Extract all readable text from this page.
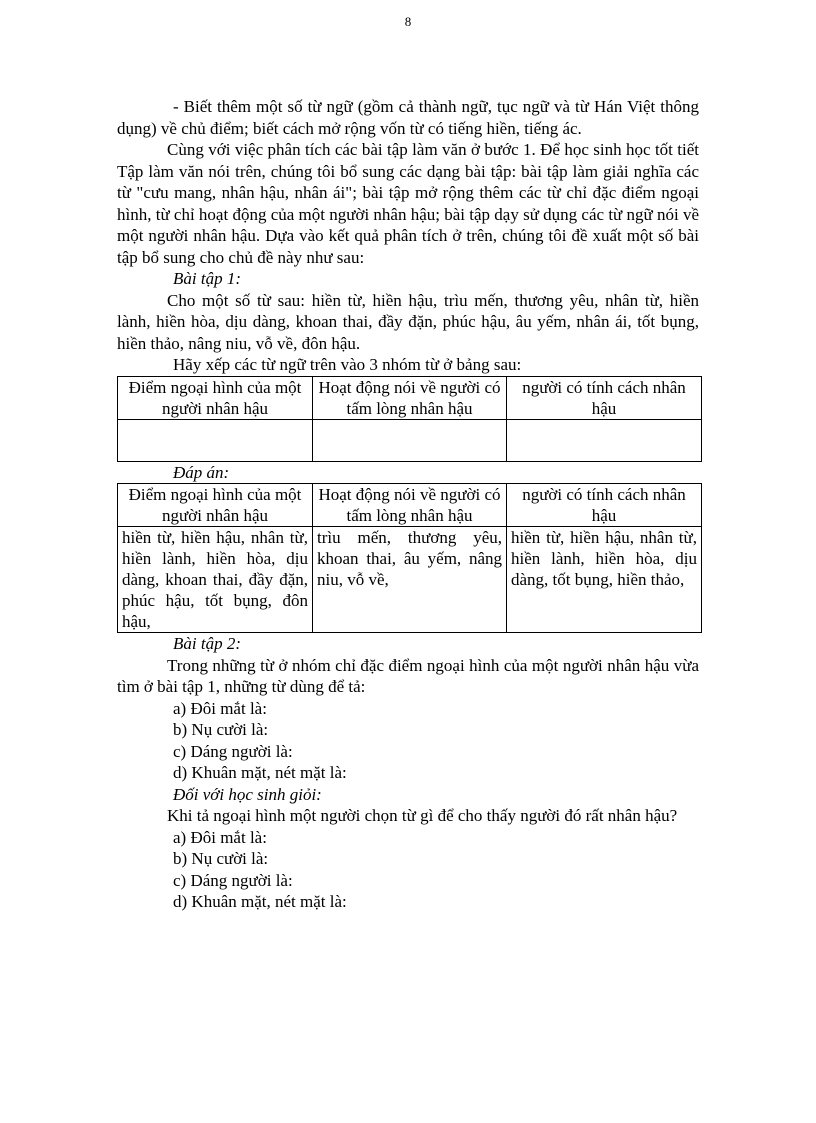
8

- Biết thêm một số từ ngữ (gồm cả thành ngữ, tục ngữ và từ Hán Việt thông dụng) về chủ điểm; biết cách mở rộng vốn từ có tiếng hiền, tiếng ác.

Cùng với việc phân tích các bài tập làm văn ở bước 1. Để học sinh học tốt tiết Tập làm văn nói trên, chúng tôi bổ sung các dạng bài tập: bài tập làm giải nghĩa các từ "cưu mang, nhân hậu, nhân ái"; bài tập mở rộng thêm các từ chỉ đặc điểm ngoại hình, từ chỉ hoạt động của một người nhân hậu; bài tập dạy sử dụng các từ ngữ nói về một người nhân hậu. Dựa vào kết quả phân tích ở trên, chúng tôi đề xuất một số bài tập bổ sung cho chủ đề này như sau:

Bài tập 1:

Cho một số từ sau: hiền từ, hiền hậu, trìu mến, thương yêu, nhân từ, hiền lành, hiền hòa, dịu dàng, khoan thai, đầy đặn, phúc hậu, âu yếm, nhân ái, tốt bụng, hiền thảo, nâng niu, vỗ về, đôn hậu.

Hãy xếp các từ ngữ trên vào 3 nhóm từ ở bảng sau:

Điểm ngoại hình của một người nhân hậu	Hoạt động nói về người có tấm lòng nhân hậu	người có tính cách nhân hậu

Đáp án:

Điểm ngoại hình của một người nhân hậu	Hoạt động nói về người có tấm lòng nhân hậu	người có tính cách nhân hậu
hiền từ, hiền hậu, nhân từ, hiền lành, hiền hòa, dịu dàng, khoan thai, đầy đặn, phúc hậu, tốt bụng, đôn hậu,	trìu mến, thương yêu, khoan thai, âu yếm, nâng niu, vỗ về,	hiền từ, hiền hậu, nhân từ, hiền lành, hiền hòa, dịu dàng, tốt bụng, hiền thảo,

Bài tập 2:

Trong những từ ở nhóm chỉ đặc điểm ngoại hình của một người nhân hậu vừa tìm ở bài tập 1, những từ dùng để tả:

a) Đôi mắt là:

b) Nụ cười là:

c) Dáng người là:

d) Khuân mặt, nét mặt là:

Đối với học sinh giỏi:

Khi tả ngoại hình một người chọn từ gì để cho thấy người đó rất nhân hậu?

a) Đôi mắt là:

b) Nụ cười là:

c) Dáng người là:

d) Khuân mặt, nét mặt là:
